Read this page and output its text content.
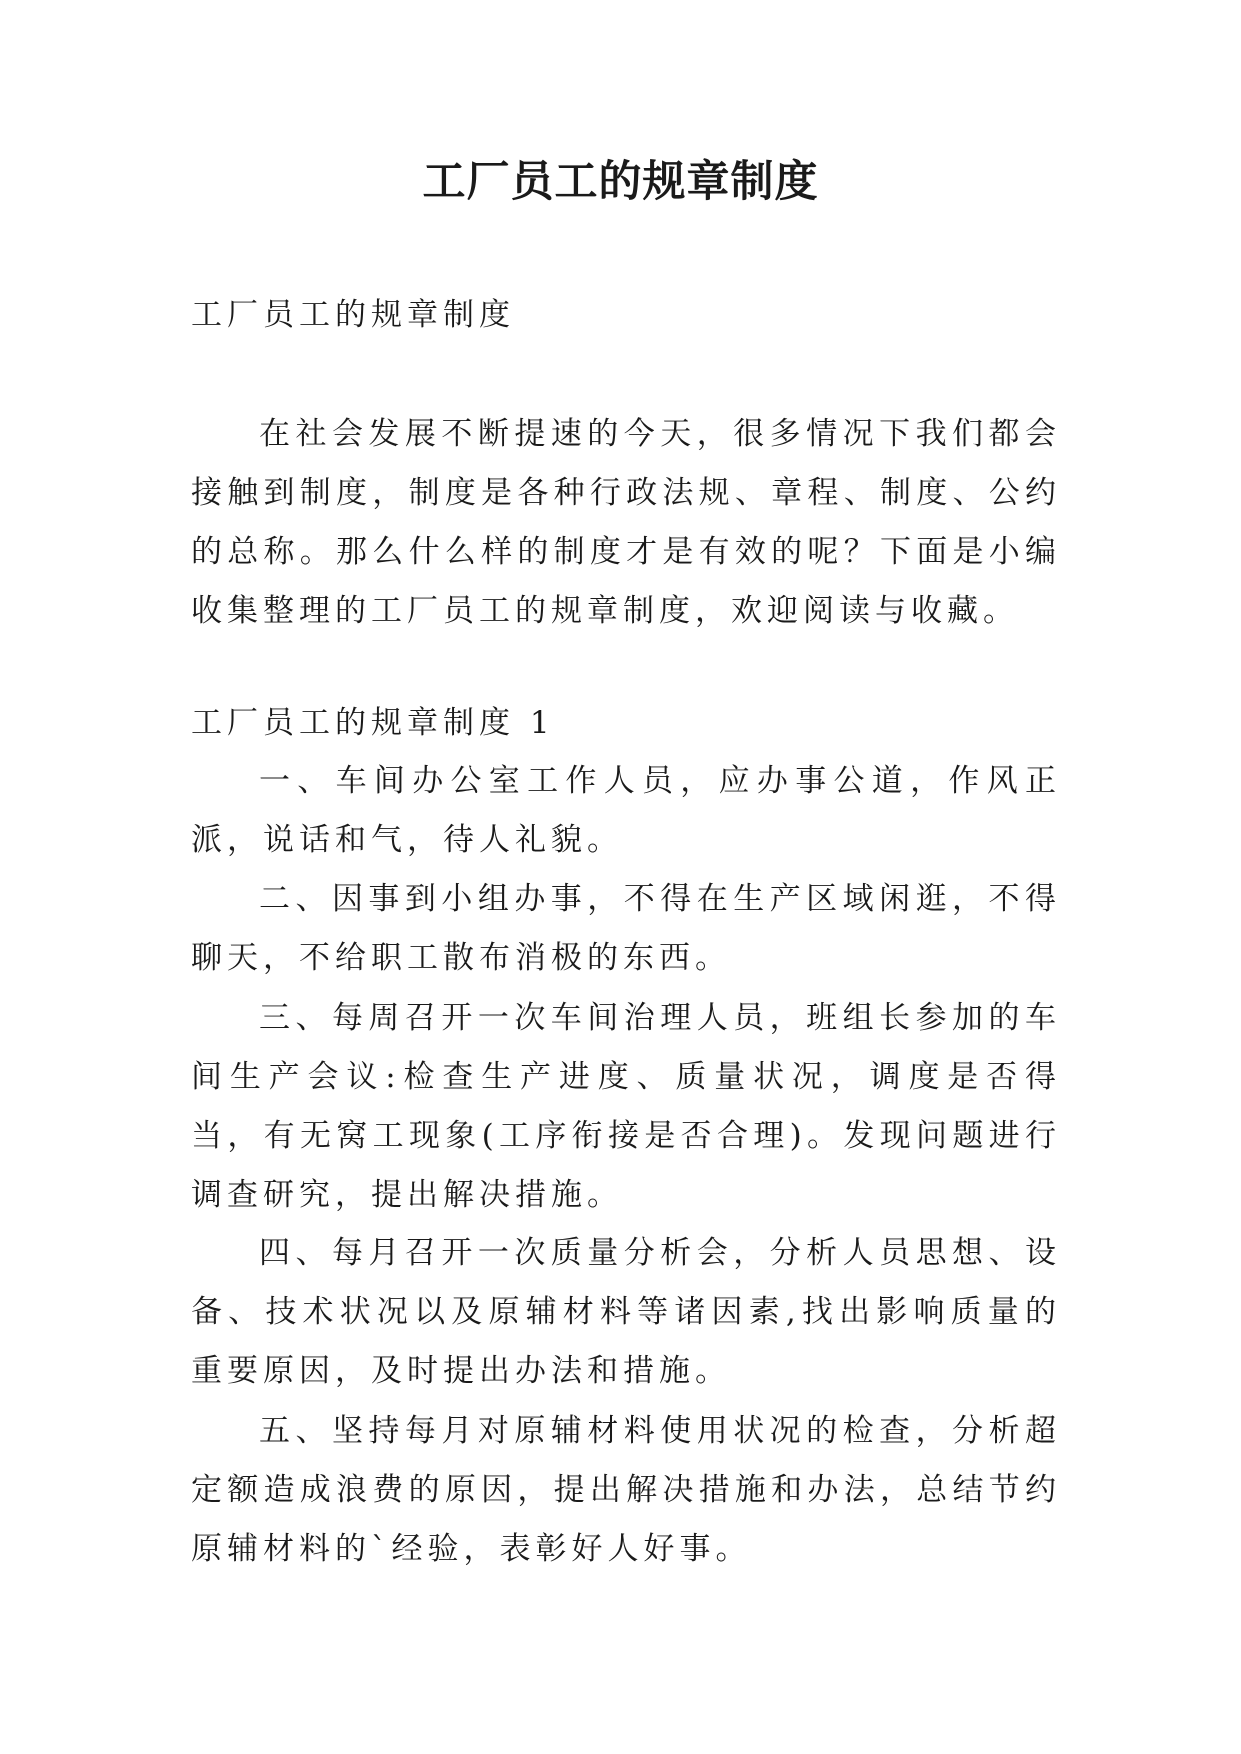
工厂员工的规章制度

工厂员工的规章制度

在社会发展不断提速的今天，很多情况下我们都会接触到制度，制度是各种行政法规、章程、制度、公约的总称。那么什么样的制度才是有效的呢？下面是小编收集整理的工厂员工的规章制度，欢迎阅读与收藏。

工厂员工的规章制度 1

一、车间办公室工作人员，应办事公道，作风正派，说话和气，待人礼貌。

二、因事到小组办事，不得在生产区域闲逛，不得聊天，不给职工散布消极的东西。

三、每周召开一次车间治理人员，班组长参加的车间生产会议:检查生产进度、质量状况，调度是否得当，有无窝工现象(工序衔接是否合理)。发现问题进行调查研究，提出解决措施。

四、每月召开一次质量分析会，分析人员思想、设备、技术状况以及原辅材料等诸因素,找出影响质量的重要原因，及时提出办法和措施。

五、坚持每月对原辅材料使用状况的检查，分析超定额造成浪费的原因，提出解决措施和办法，总结节约原辅材料的`经验，表彰好人好事。
